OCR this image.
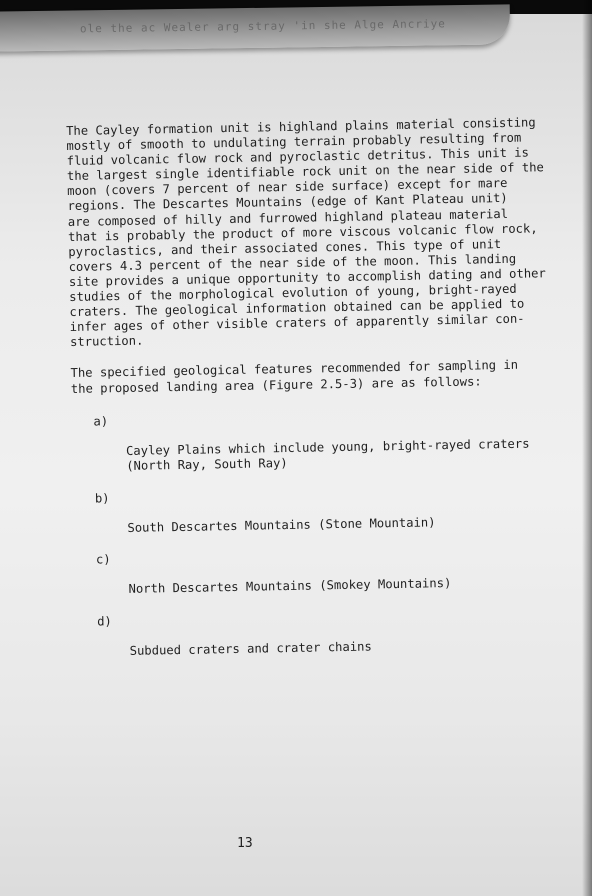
ole the ac Wealer arg stray 'in she Alge Ancriye

The Cayley formation unit is highland plains material consisting
mostly of smooth to undulating terrain probably resulting from
fluid volcanic flow rock and pyroclastic detritus. This unit is
the largest single identifiable rock unit on the near side of the
moon (covers 7 percent of near side surface) except for mare
regions. The Descartes Mountains (edge of Kant Plateau unit)
are composed of hilly and furrowed highland plateau material
that is probably the product of more viscous volcanic flow rock,
pyroclastics, and their associated cones. This type of unit
covers 4.3 percent of the near side of the moon. This landing
site provides a unique opportunity to accomplish dating and other
studies of the morphological evolution of young, bright-rayed
craters. The geological information obtained can be applied to
infer ages of other visible craters of apparently similar con-
struction.

The specified geological features recommended for sampling in
the proposed landing area (Figure 2.5-3) are as follows:

a)

Cayley Plains which include young, bright-rayed craters
(North Ray, South Ray)

b)

South Descartes Mountains (Stone Mountain)

c)

North Descartes Mountains (Smokey Mountains)

d)

Subdued craters and crater chains

13
